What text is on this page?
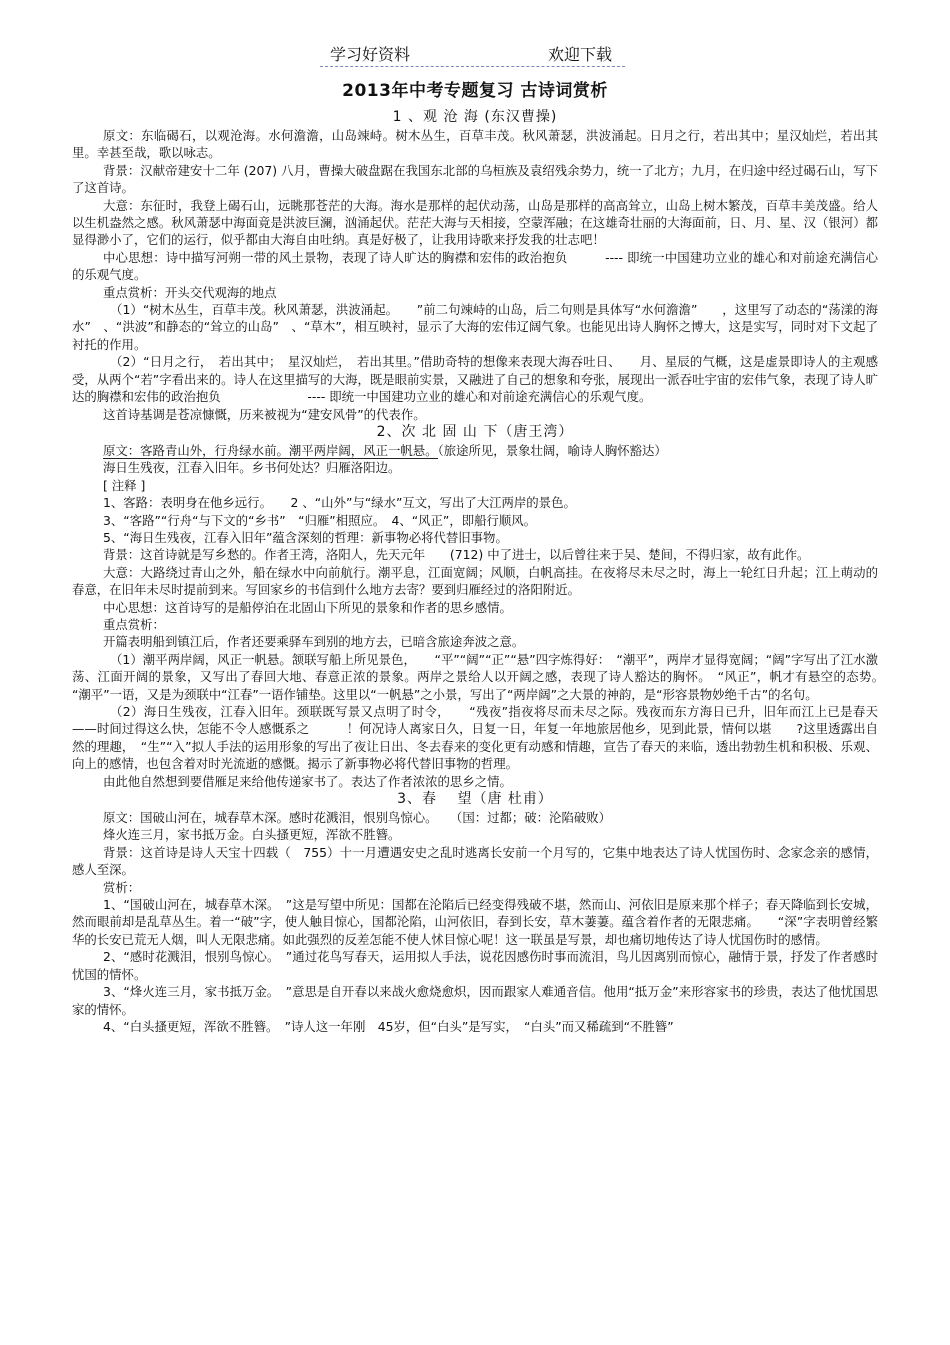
学习好资料	欢迎下载
2013年中考专题复习 古诗词赏析

1 、观 沧 海 (东汉曹操)

原文：东临碣石，以观沧海。水何澹澹，山岛竦峙。树木丛生，百草丰茂。秋风萧瑟，洪波涌起。日月之行，若出其中；星汉灿烂，若出其里。幸甚至哉，歌以咏志。

背景：汉献帝建安十二年 (207) 八月，曹操大破盘踞在我国东北部的乌桓族及袁绍残余势力，统一了北方；九月，在归途中经过碣石山，写下了这首诗。

大意：东征时，我登上碣石山，远眺那苍茫的大海。海水是那样的起伏动荡，山岛是那样的高高耸立，山岛上树木繁茂，百草丰美茂盛。给人以生机盎然之感。秋风萧瑟中海面竟是洪波巨澜，汹涌起伏。茫茫大海与天相接，空蒙浑融；在这雄奇壮丽的大海面前，日、月、星、汉（银河）都显得渺小了，它们的运行，似乎都由大海自由吐纳。真是好极了，让我用诗歌来抒发我的壮志吧！

中心思想：诗中描写河朔一带的风土景物，表现了诗人旷达的胸襟和宏伟的政治抱负　　　---- 即统一中国建功立业的雄心和对前途充满信心的乐观气度。

重点赏析：开头交代观海的地点

（1）“树木丛生，百草丰茂。秋风萧瑟，洪波涌起。　　”前二句竦峙的山岛，后二句则是具体写“水何澹澹”　　，这里写了动态的“荡漾的海水”　、“洪波”和静态的“耸立的山岛”　、“草木”，相互映衬，显示了大海的宏伟辽阔气象。也能见出诗人胸怀之博大，这是实写，同时对下文起了衬托的作用。

（2）“日月之行，　若出其中；　星汉灿烂，　若出其里。”借助奇特的想像来表现大海吞吐日、　　月、星辰的气概，这是虚景即诗人的主观感受，从两个“若”字看出来的。诗人在这里描写的大海，既是眼前实景，又融进了自己的想象和夸张，展现出一派吞吐宇宙的宏伟气象，表现了诗人旷达的胸襟和宏伟的政治抱负　　　　　　　---- 即统一中国建功立业的雄心和对前途充满信心的乐观气度。

这首诗基调是苍凉慷慨，历来被视为“建安风骨”的代表作。

2、次 北 固 山 下（唐王湾）

原文：客路青山外，行舟绿水前。潮平两岸阔，风正一帆悬。（旅途所见，景象壮阔，喻诗人胸怀豁达）

海日生残夜，江春入旧年。乡书何处达？归雁洛阳边。

[ 注释 ]

1、客路：表明身在他乡远行。　　2 、“山外”与“绿水”互文，写出了大江两岸的景色。

3、“客路”“行舟“与下文的“乡书”　“归雁”相照应。　4、“风正”，即船行顺风。

5、“海日生残夜，江春入旧年”蕴含深刻的哲理：新事物必将代替旧事物。

背景：这首诗就是写乡愁的。作者王湾，洛阳人，先天元年　　(712) 中了进士，以后曾往来于吴、楚间，不得归家，故有此作。

大意：大路绕过青山之外，船在绿水中向前航行。潮平息，江面宽阔；风顺，白帆高挂。在夜将尽未尽之时，海上一轮红日升起；江上萌动的春意，在旧年未尽时提前到来。写回家乡的书信到什么地方去寄？要到归雁经过的洛阳附近。

中心思想：这首诗写的是船停泊在北固山下所见的景象和作者的思乡感情。

重点赏析：

开篇表明船到镇江后，作者还要乘驿车到别的地方去，已暗含旅途奔波之意。

（1）潮平两岸阔，风正一帆悬。颔联写船上所见景色，　　“平”“阔”“正”“悬”四字炼得好：　“潮平”，两岸才显得宽阔；“阔”字写出了江水激荡、江面开阔的景象，又写出了春回大地、春意正浓的景象。两岸之景给人以开阔之感，表现了诗人豁达的胸怀。　“风正”，帆才有悬空的态势。　“潮平”一语，又是为颈联中“江春”一语作铺垫。这里以“一帆悬”之小景，写出了“两岸阔”之大景的神韵，是“形容景物妙绝千古”的名句。

（2）海日生残夜，江春入旧年。颈联既写景又点明了时令，　　“残夜”指夜将尽而未尽之际。残夜而东方海日已升，旧年而江上已是春天——时间过得这么快，怎能不令人感慨系之　　　！何况诗人离家日久，日复一日，年复一年地旅居他乡，见到此景，情何以堪　　?这里透露出自然的理趣，　“生”“入”拟人手法的运用形象的写出了夜让日出、冬去春来的变化更有动感和情趣，宣告了春天的来临，透出勃勃生机和积极、乐观、向上的感情，也包含着对时光流逝的感慨。揭示了新事物必将代替旧事物的哲理。

由此他自然想到要借雁足来给他传递家书了。表达了作者浓浓的思乡之情。

3、春　 望（唐 杜甫）

原文：国破山河在，城春草木深。感时花溅泪，恨别鸟惊心。　　（国：过都；破：沦陷破败）

烽火连三月，家书抵万金。白头搔更短，浑欲不胜簪。

背景：这首诗是诗人天宝十四载（　755）十一月遭遇安史之乱时逃离长安前一个月写的，它集中地表达了诗人忧国伤时、念家念亲的感情，感人至深。

赏析：

1、“国破山河在，城春草木深。　”这是写望中所见：国都在沦陷后已经变得残破不堪，然而山、河依旧是原来那个样子；春天降临到长安城，然而眼前却是乱草丛生。着一“破”字，使人触目惊心，国都沦陷，山河依旧，春到长安，草木萋萋。蕴含着作者的无限悲痛。　　“深”字表明曾经繁华的长安已荒无人烟，叫人无限悲痛。如此强烈的反差怎能不使人怵目惊心呢！这一联虽是写景，却也痛切地传达了诗人忧国伤时的感情。

2、“感时花溅泪，恨别鸟惊心。　”通过花鸟写春天，运用拟人手法，说花因感伤时事而流泪，鸟儿因离别而惊心，融情于景，抒发了作者感时忧国的情怀。

3、“烽火连三月，家书抵万金。　”意思是自开春以来战火愈烧愈炽，因而跟家人难通音信。他用“抵万金”来形容家书的珍贵，表达了他忧国思家的情怀。

4、“白头搔更短，浑欲不胜簪。　”诗人这一年刚　45岁，但“白头”是写实，　“白头”而又稀疏到“不胜簪”
